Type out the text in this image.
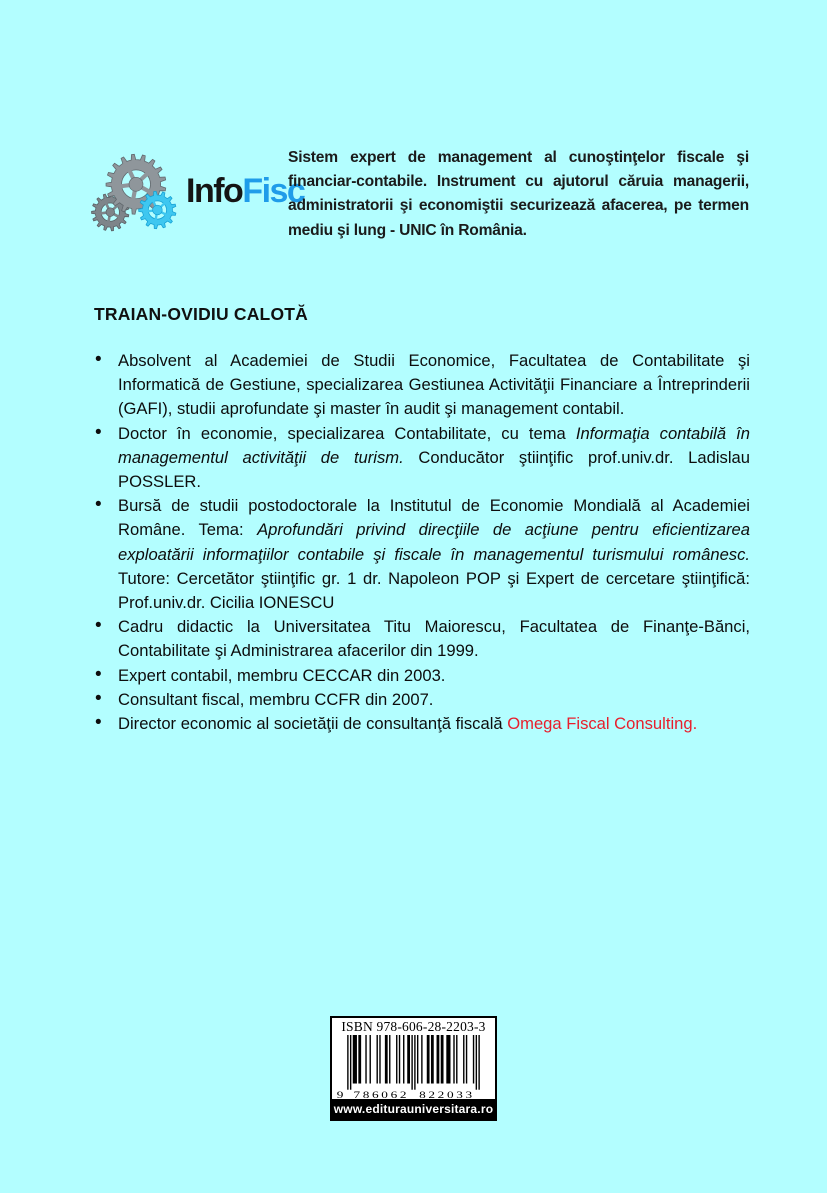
InfoFisc

Sistem expert de management al cunoştinţelor fiscale şi financiar-contabile. Instrument cu ajutorul căruia managerii, administratorii şi economiştii securizează afacerea, pe termen mediu şi lung - UNIC în România.

TRAIAN-OVIDIU CALOTĂ
• Absolvent al Academiei de Studii Economice, Facultatea de Contabilitate şi Informatică de Gestiune, specializarea Gestiunea Activităţii Financiare a Întreprinderii (GAFI), studii aprofundate şi master în audit şi management contabil.
• Doctor în economie, specializarea Contabilitate, cu tema Informaţia contabilă în managementul activităţii de turism. Conducător ştiinţific prof.univ.dr. Ladislau POSSLER.
• Bursă de studii postodoctorale la Institutul de Economie Mondială al Academiei Române. Tema: Aprofundări privind direcţiile de acţiune pentru eficientizarea exploatării informaţiilor contabile şi fiscale în managementul turismului românesc. Tutore: Cercetător ştiinţific gr. 1 dr. Napoleon POP şi Expert de cercetare ştiinţifică: Prof.univ.dr. Cicilia IONESCU
• Cadru didactic la Universitatea Titu Maiorescu, Facultatea de Finanţe-Bănci, Contabilitate şi Administrarea afacerilor din 1999.
• Expert contabil, membru CECCAR din 2003.
• Consultant fiscal, membru CCFR din 2007.
• Director economic al societăţii de consultanţă fiscală Omega Fiscal Consulting.
ISBN 978-606-28-2203-3
9 786062 822033
www.editurauniversitara.ro
